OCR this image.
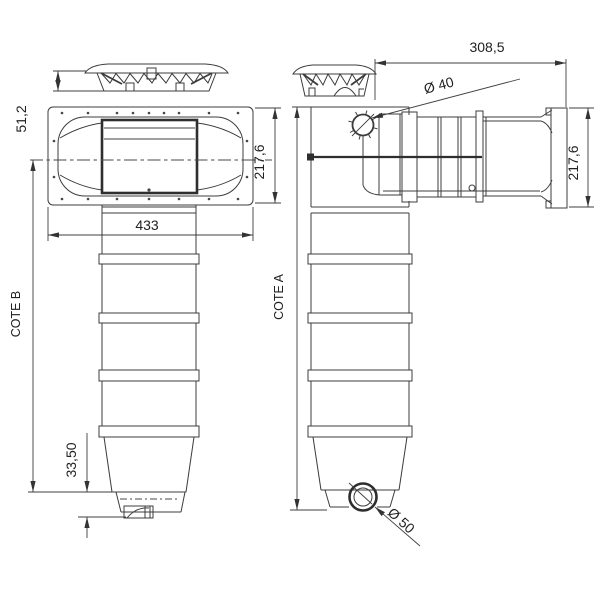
51,2
217,6
433
33,50
COTE B
308,5
Ø 50
COTE A
Ø 40
217,6
